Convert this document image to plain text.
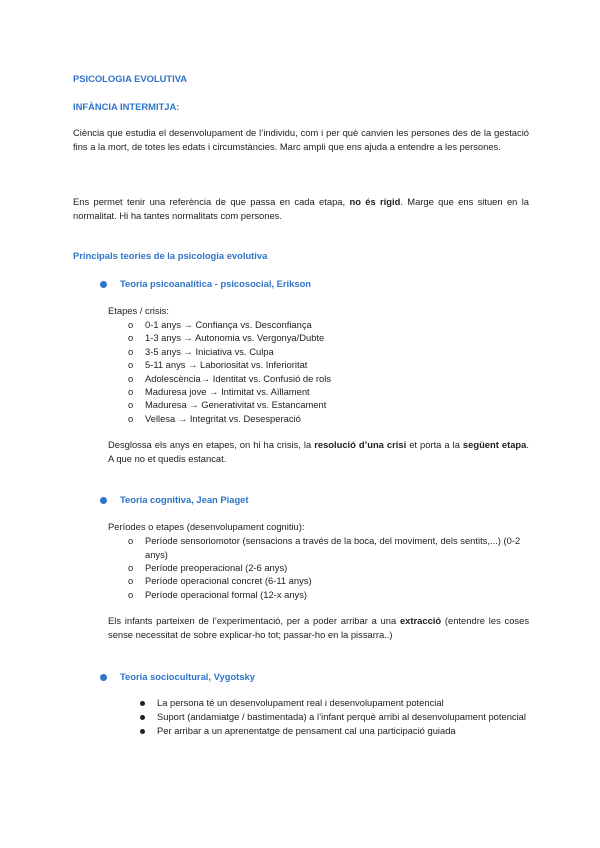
PSICOLOGIA EVOLUTIVA
INFÀNCIA INTERMITJA:
Ciència que estudia el desenvolupament de l’individu, com i per què canvien les persones des de la gestació fins a la mort, de totes les edats i circumstàncies. Marc ampli que ens ajuda a entendre a les persones.
Ens permet tenir una referència de que passa en cada etapa, no és rígid. Marge que ens situen en la normalitat. Hi ha tantes normalitats com persones.
Principals teories de la psicologia evolutiva
Teoria psicoanalítica - psicosocial, Erikson
Etapes / crisis:
o 0-1 anys → Confiança vs. Desconfiança
o 1-3 anys → Autonomia vs. Vergonya/Dubte
o 3-5 anys → Iniciativa vs. Culpa
o 5-11 anys → Laboriositat vs. Inferioritat
o Adolescència→ Identitat vs. Confusió de rols
o Maduresa jove → Intimitat vs. Aïllament
o Maduresa → Generativitat vs. Estancament
o Vellesa → Integritat vs. Desesperació
Desglossa els anys en etapes, on hi ha crisis, la resolució d’una crisi et porta a la següent etapa. A que no et quedis estancat.
Teoria cognitiva, Jean Piaget
Períodes o etapes (desenvolupament cognitiu):
o Període sensoriomotor (sensacions a través de la boca, del moviment, dels sentits,...) (0-2 anys)
o Període preoperacional (2-6 anys)
o Període operacional concret (6-11 anys)
o Període operacional formal (12-x anys)
Els infants parteixen de l’experimentació, per a poder arribar a una extracció (entendre les coses sense necessitat de sobre explicar-ho tot; passar-ho en la pissarra..)
Teoria sociocultural, Vygotsky
La persona té un desenvolupament real i desenvolupament potencial
Suport (andamiatge / bastimentada) a l’infant perquè arribi al desenvolupament potencial
Per arribar a un aprenentatge de pensament cal una participació guiada
